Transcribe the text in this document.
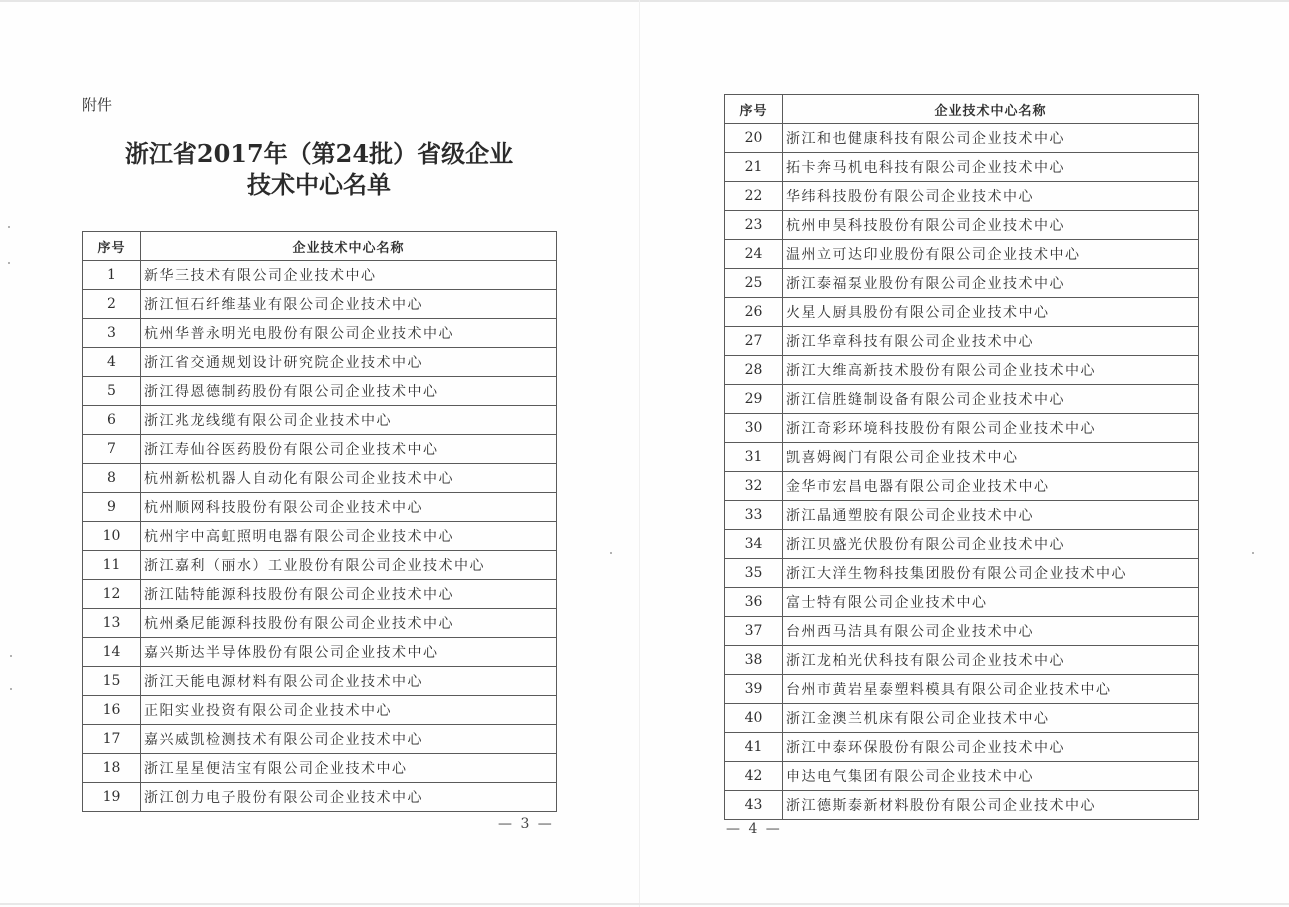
附件
浙江省2017年（第24批）省级企业
技术中心名单
序号	企业技术中心名称
1	新华三技术有限公司企业技术中心
2	浙江恒石纤维基业有限公司企业技术中心
3	杭州华普永明光电股份有限公司企业技术中心
4	浙江省交通规划设计研究院企业技术中心
5	浙江得恩德制药股份有限公司企业技术中心
6	浙江兆龙线缆有限公司企业技术中心
7	浙江寿仙谷医药股份有限公司企业技术中心
8	杭州新松机器人自动化有限公司企业技术中心
9	杭州顺网科技股份有限公司企业技术中心
10	杭州宇中高虹照明电器有限公司企业技术中心
11	浙江嘉利（丽水）工业股份有限公司企业技术中心
12	浙江陆特能源科技股份有限公司企业技术中心
13	杭州桑尼能源科技股份有限公司企业技术中心
14	嘉兴斯达半导体股份有限公司企业技术中心
15	浙江天能电源材料有限公司企业技术中心
16	正阳实业投资有限公司企业技术中心
17	嘉兴威凯检测技术有限公司企业技术中心
18	浙江星星便洁宝有限公司企业技术中心
19	浙江创力电子股份有限公司企业技术中心
— 3 —
序号	企业技术中心名称
20	浙江和也健康科技有限公司企业技术中心
21	拓卡奔马机电科技有限公司企业技术中心
22	华纬科技股份有限公司企业技术中心
23	杭州申昊科技股份有限公司企业技术中心
24	温州立可达印业股份有限公司企业技术中心
25	浙江泰福泵业股份有限公司企业技术中心
26	火星人厨具股份有限公司企业技术中心
27	浙江华章科技有限公司企业技术中心
28	浙江大维高新技术股份有限公司企业技术中心
29	浙江信胜缝制设备有限公司企业技术中心
30	浙江奇彩环境科技股份有限公司企业技术中心
31	凯喜姆阀门有限公司企业技术中心
32	金华市宏昌电器有限公司企业技术中心
33	浙江晶通塑胶有限公司企业技术中心
34	浙江贝盛光伏股份有限公司企业技术中心
35	浙江大洋生物科技集团股份有限公司企业技术中心
36	富士特有限公司企业技术中心
37	台州西马洁具有限公司企业技术中心
38	浙江龙柏光伏科技有限公司企业技术中心
39	台州市黄岩星泰塑料模具有限公司企业技术中心
40	浙江金澳兰机床有限公司企业技术中心
41	浙江中泰环保股份有限公司企业技术中心
42	申达电气集团有限公司企业技术中心
43	浙江德斯泰新材料股份有限公司企业技术中心
— 4 —
